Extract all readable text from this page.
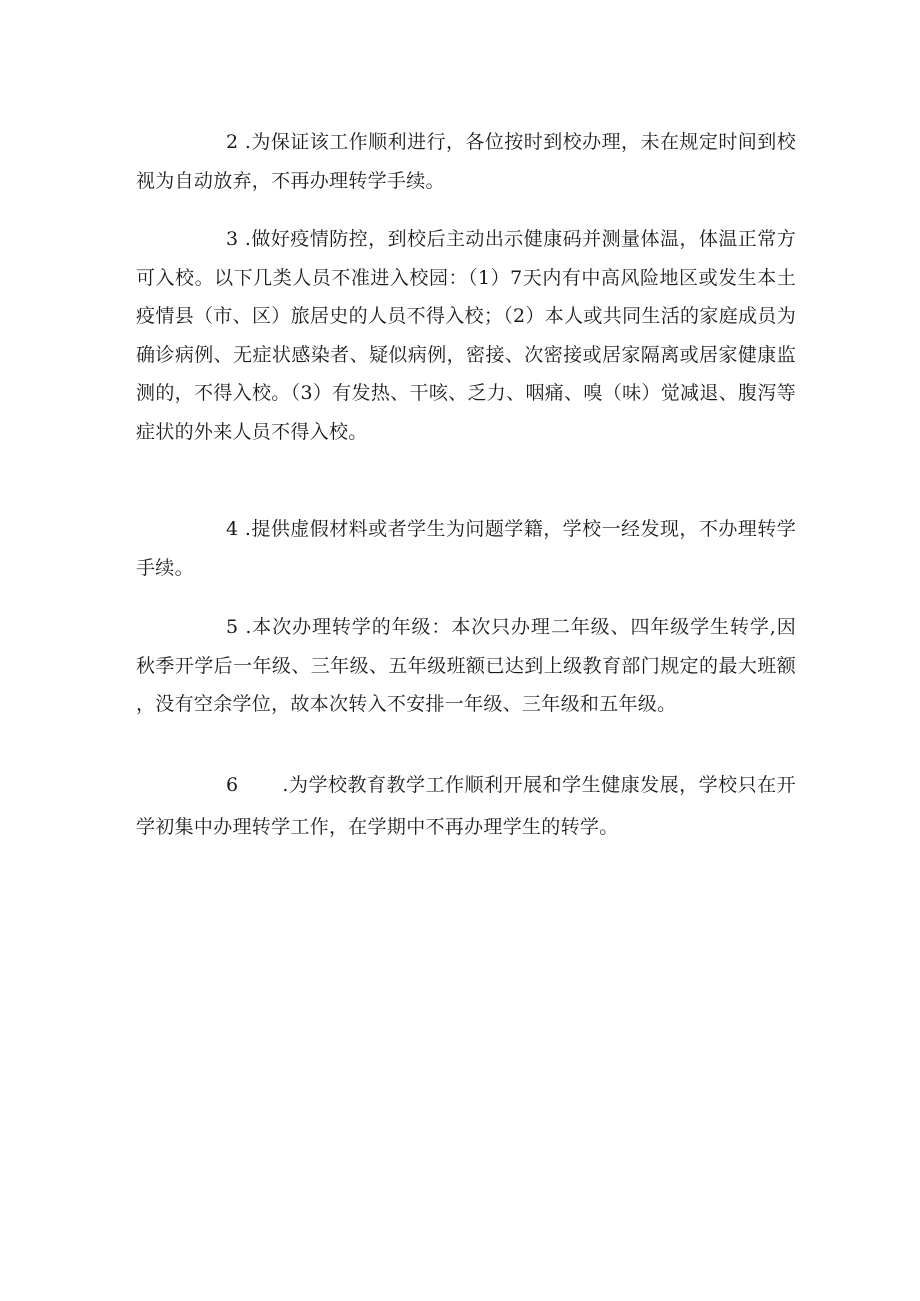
2 .为保证该工作顺利进行，各位按时到校办理，未在规定时间到校视为自动放弃，不再办理转学手续。

3 .做好疫情防控，到校后主动出示健康码并测量体温，体温正常方可入校。以下几类人员不准进入校园：（1）7天内有中高风险地区或发生本土疫情县（市、区）旅居史的人员不得入校；（2）本人或共同生活的家庭成员为确诊病例、无症状感染者、疑似病例，密接、次密接或居家隔离或居家健康监测的，不得入校。（3）有发热、干咳、乏力、咽痛、嗅（味）觉减退、腹泻等症状的外来人员不得入校。

4 .提供虚假材料或者学生为问题学籍，学校一经发现，不办理转学手续。

5 .本次办理转学的年级：本次只办理二年级、四年级学生转学,因秋季开学后一年级、三年级、五年级班额已达到上级教育部门规定的最大班额，没有空余学位，故本次转入不安排一年级、三年级和五年级。

6 .为学校教育教学工作顺利开展和学生健康发展，学校只在开学初集中办理转学工作，在学期中不再办理学生的转学。
